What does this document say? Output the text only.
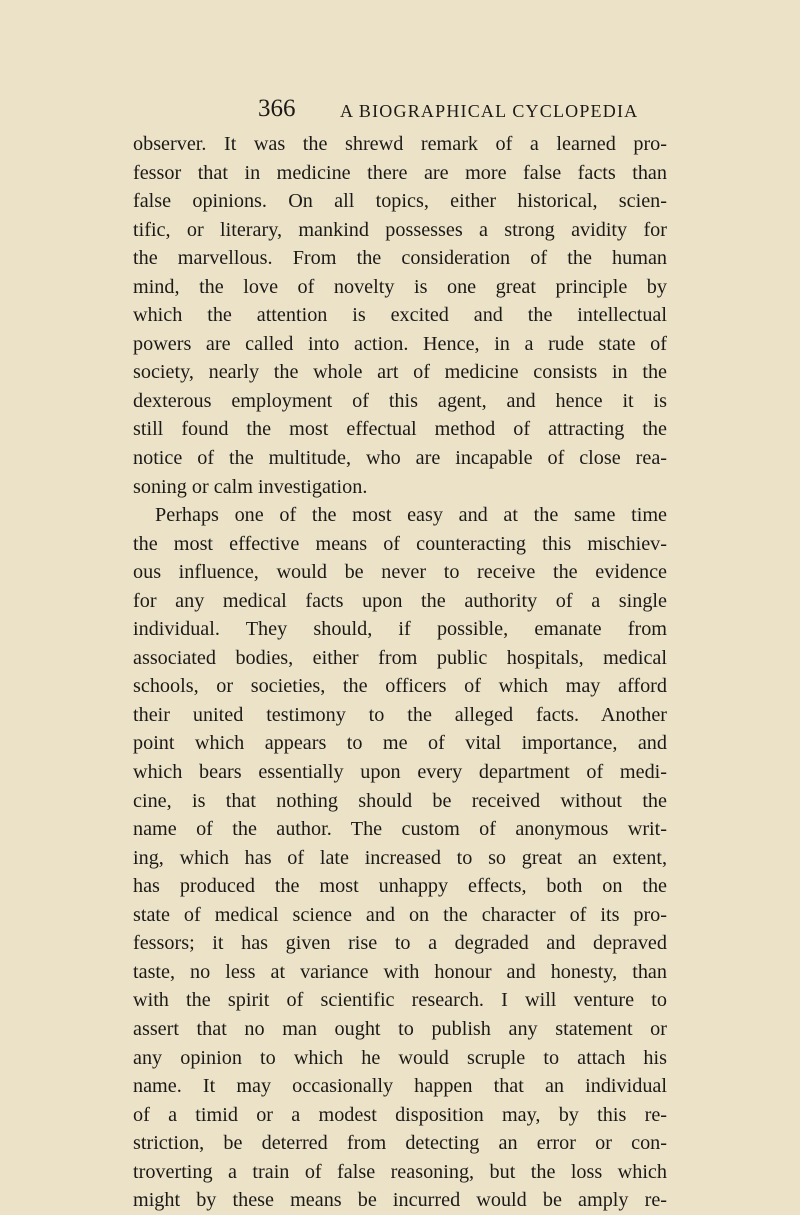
366 A BIOGRAPHICAL CYCLOPEDIA
observer. It was the shrewd remark of a learned pro-
fessor that in medicine there are more false facts than
false opinions. On all topics, either historical, scien-
tific, or literary, mankind possesses a strong avidity for
the marvellous. From the consideration of the human
mind, the love of novelty is one great principle by
which the attention is excited and the intellectual
powers are called into action. Hence, in a rude state of
society, nearly the whole art of medicine consists in the
dexterous employment of this agent, and hence it is
still found the most effectual method of attracting the
notice of the multitude, who are incapable of close rea-
soning or calm investigation.
Perhaps one of the most easy and at the same time
the most effective means of counteracting this mischiev-
ous influence, would be never to receive the evidence
for any medical facts upon the authority of a single
individual. They should, if possible, emanate from
associated bodies, either from public hospitals, medical
schools, or societies, the officers of which may afford
their united testimony to the alleged facts. Another
point which appears to me of vital importance, and
which bears essentially upon every department of medi-
cine, is that nothing should be received without the
name of the author. The custom of anonymous writ-
ing, which has of late increased to so great an extent,
has produced the most unhappy effects, both on the
state of medical science and on the character of its pro-
fessors; it has given rise to a degraded and depraved
taste, no less at variance with honour and honesty, than
with the spirit of scientific research. I will venture to
assert that no man ought to publish any statement or
any opinion to which he would scruple to attach his
name. It may occasionally happen that an individual
of a timid or a modest disposition may, by this re-
striction, be deterred from detecting an error or con-
troverting a train of false reasoning, but the loss which
might by these means be incurred would be amply re-
